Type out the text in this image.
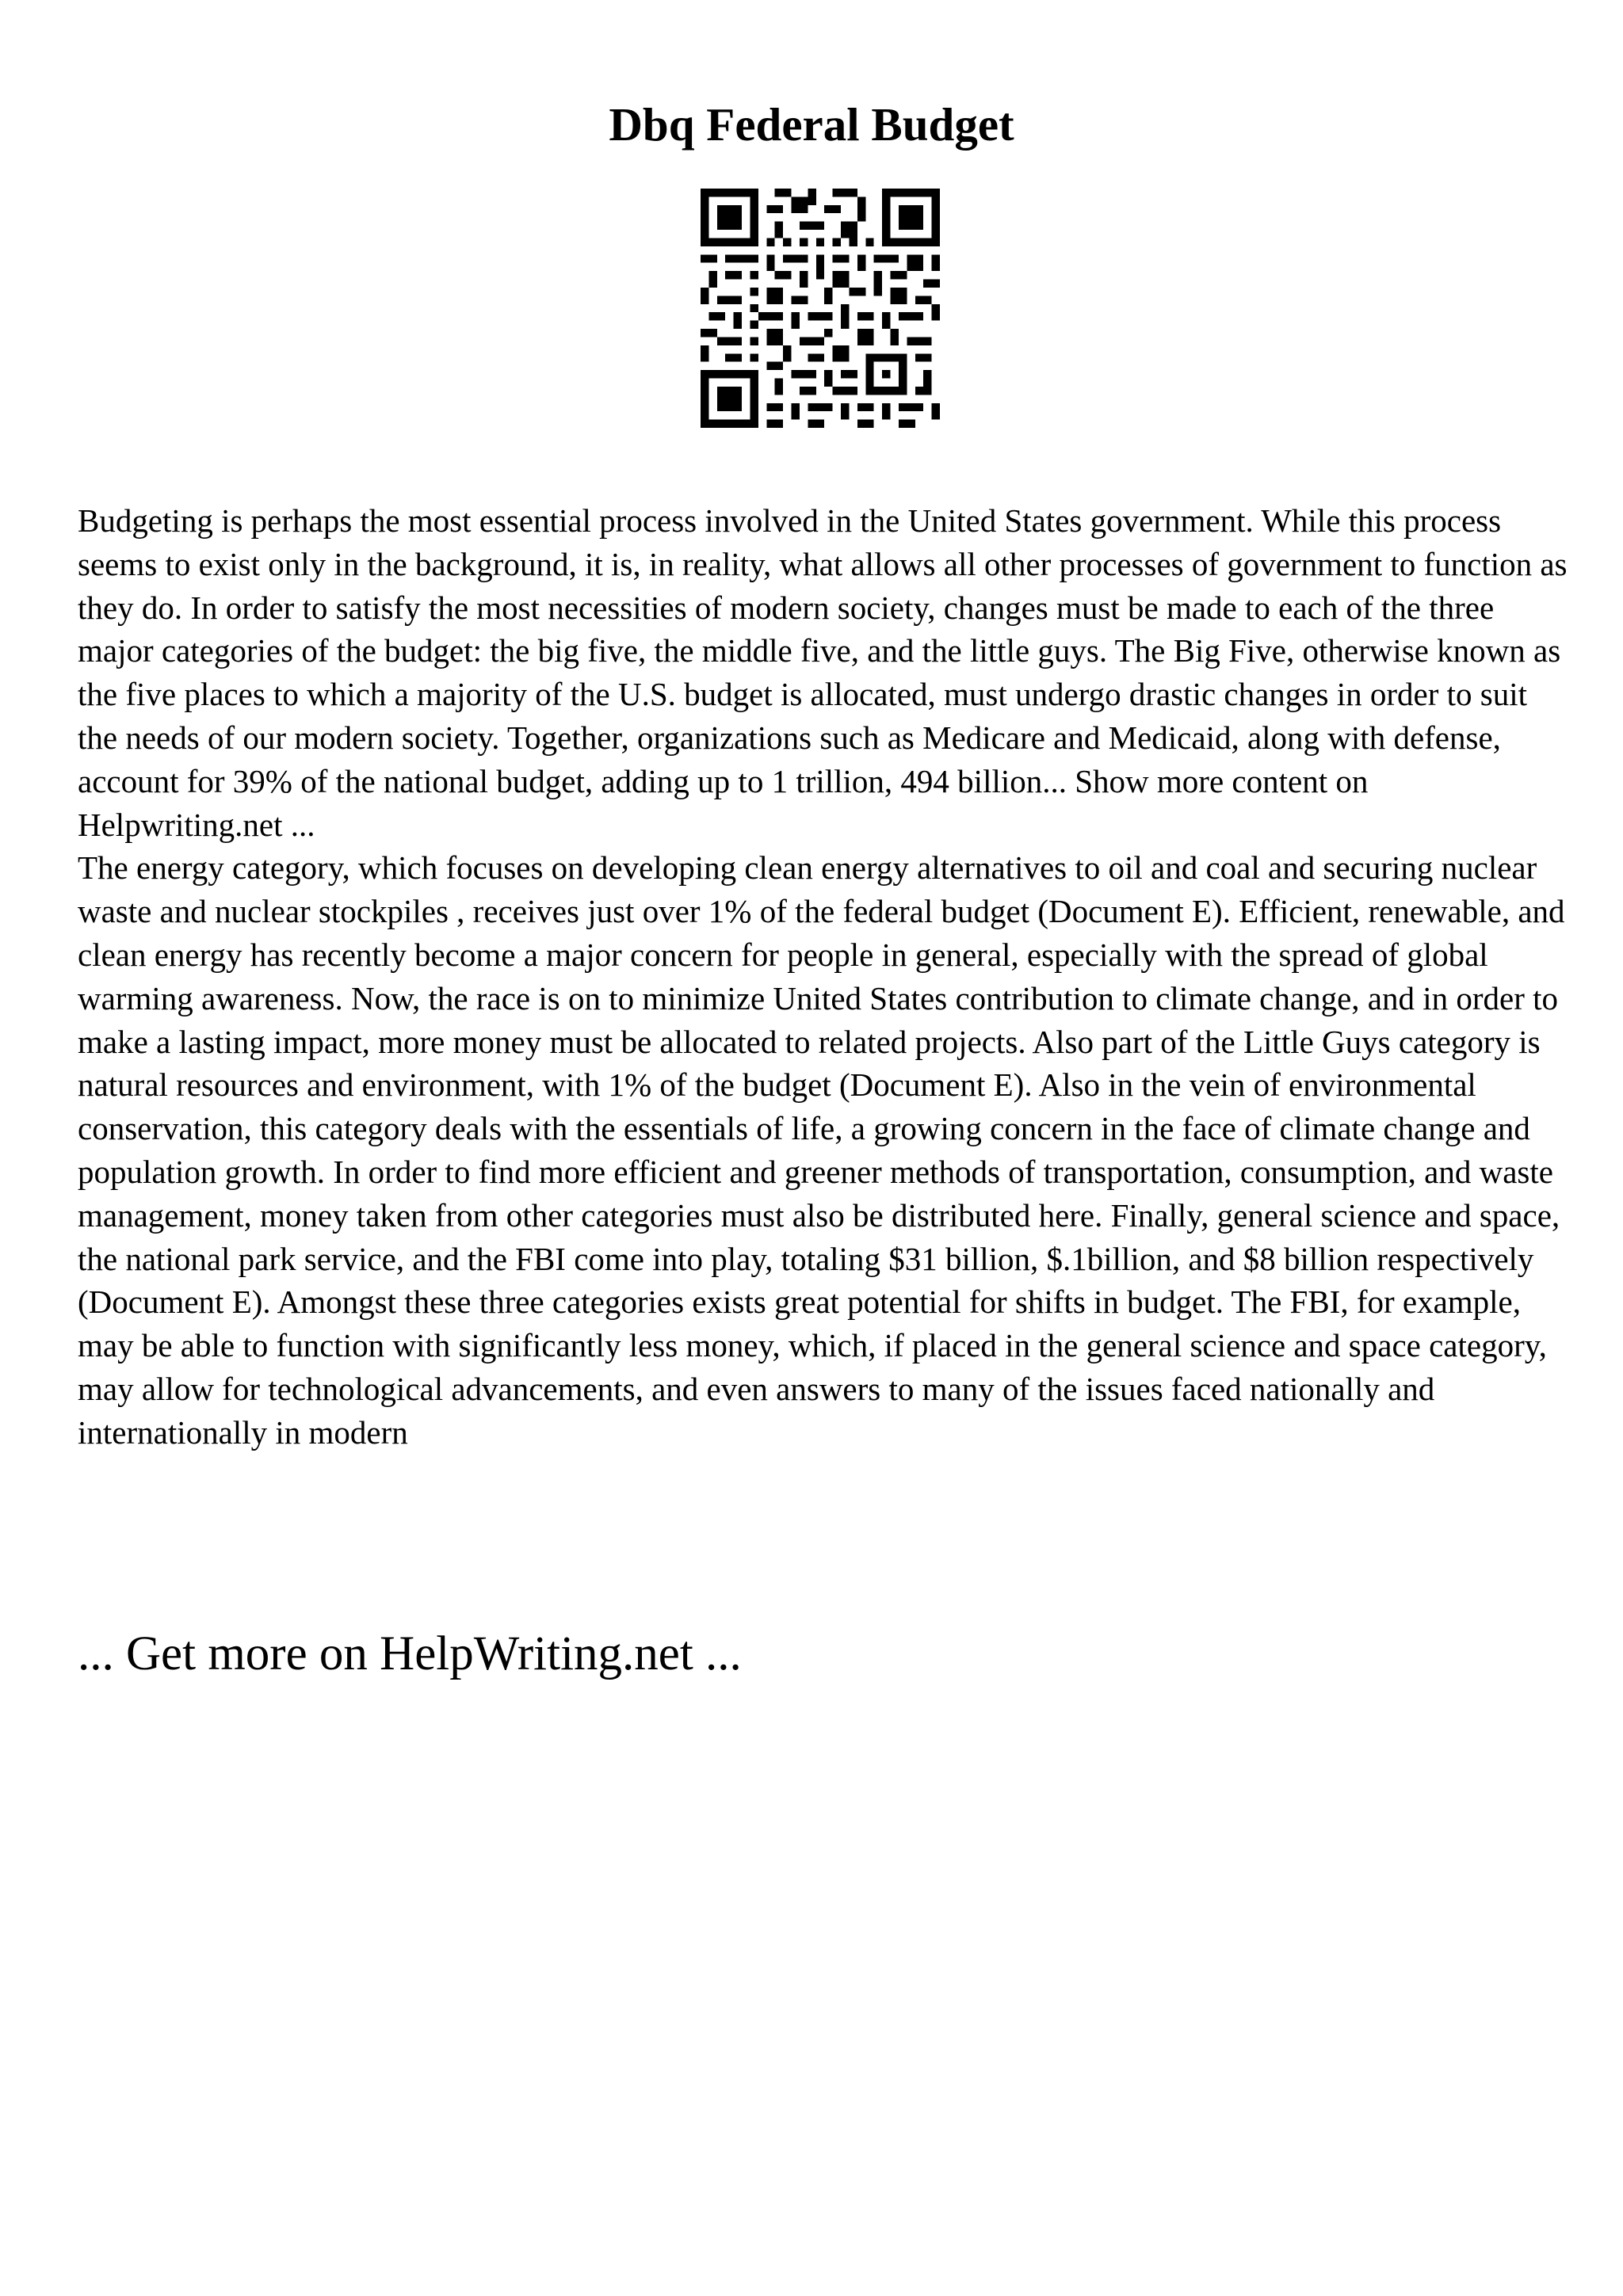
Dbq Federal Budget

Budgeting is perhaps the most essential process involved in the United States government. While this process seems to exist only in the background, it is, in reality, what allows all other processes of government to function as they do. In order to satisfy the most necessities of modern society, changes must be made to each of the three major categories of the budget: the big five, the middle five, and the little guys. The Big Five, otherwise known as the five places to which a majority of the U.S. budget is allocated, must undergo drastic changes in order to suit the needs of our modern society. Together, organizations such as Medicare and Medicaid, along with defense, account for 39% of the national budget, adding up to 1 trillion, 494 billion... Show more content on Helpwriting.net ...

The energy category, which focuses on developing clean energy alternatives to oil and coal and securing nuclear waste and nuclear stockpiles , receives just over 1% of the federal budget (Document E). Efficient, renewable, and clean energy has recently become a major concern for people in general, especially with the spread of global warming awareness. Now, the race is on to minimize United States contribution to climate change, and in order to make a lasting impact, more money must be allocated to related projects. Also part of the Little Guys category is natural resources and environment, with 1% of the budget (Document E). Also in the vein of environmental conservation, this category deals with the essentials of life, a growing concern in the face of climate change and population growth. In order to find more efficient and greener methods of transportation, consumption, and waste management, money taken from other categories must also be distributed here. Finally, general science and space, the national park service, and the FBI come into play, totaling $31 billion, $.1billion, and $8 billion respectively (Document E). Amongst these three categories exists great potential for shifts in budget. The FBI, for example, may be able to function with significantly less money, which, if placed in the general science and space category, may allow for technological advancements, and even answers to many of the issues faced nationally and internationally in modern

... Get more on HelpWriting.net ...
